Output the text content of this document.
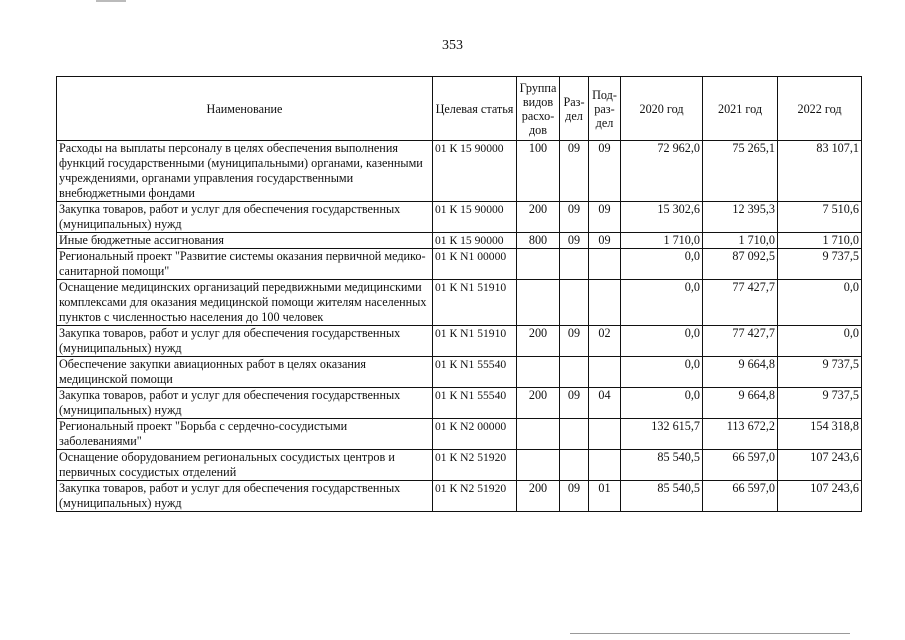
353
Наименование	Целевая статья	Группа видов расхо-дов	Раз-дел	Под-раз-дел	2020 год	2021 год	2022 год
Расходы на выплаты персоналу в целях обеспечения выполнения функций государственными (муниципальными) органами, казенными учреждениями, органами управления государственными внебюджетными фондами	01 К 15 90000	100	09	09	72 962,0	75 265,1	83 107,1
Закупка товаров, работ и услуг для обеспечения государственных (муниципальных) нужд	01 К 15 90000	200	09	09	15 302,6	12 395,3	7 510,6
Иные бюджетные ассигнования	01 К 15 90000	800	09	09	1 710,0	1 710,0	1 710,0
Региональный проект "Развитие системы оказания первичной медико-санитарной помощи"	01 К N1 00000				0,0	87 092,5	9 737,5
Оснащение медицинских организаций передвижными медицинскими комплексами для оказания медицинской помощи жителям населенных пунктов с численностью населения до 100 человек	01 К N1 51910				0,0	77 427,7	0,0
Закупка товаров, работ и услуг для обеспечения государственных (муниципальных) нужд	01 К N1 51910	200	09	02	0,0	77 427,7	0,0
Обеспечение закупки авиационных работ в целях оказания медицинской помощи	01 К N1 55540				0,0	9 664,8	9 737,5
Закупка товаров, работ и услуг для обеспечения государственных (муниципальных) нужд	01 К N1 55540	200	09	04	0,0	9 664,8	9 737,5
Региональный проект "Борьба с сердечно-сосудистыми заболеваниями"	01 К N2 00000				132 615,7	113 672,2	154 318,8
Оснащение оборудованием региональных сосудистых центров и первичных сосудистых отделений	01 К N2 51920				85 540,5	66 597,0	107 243,6
Закупка товаров, работ и услуг для обеспечения государственных (муниципальных) нужд	01 К N2 51920	200	09	01	85 540,5	66 597,0	107 243,6
